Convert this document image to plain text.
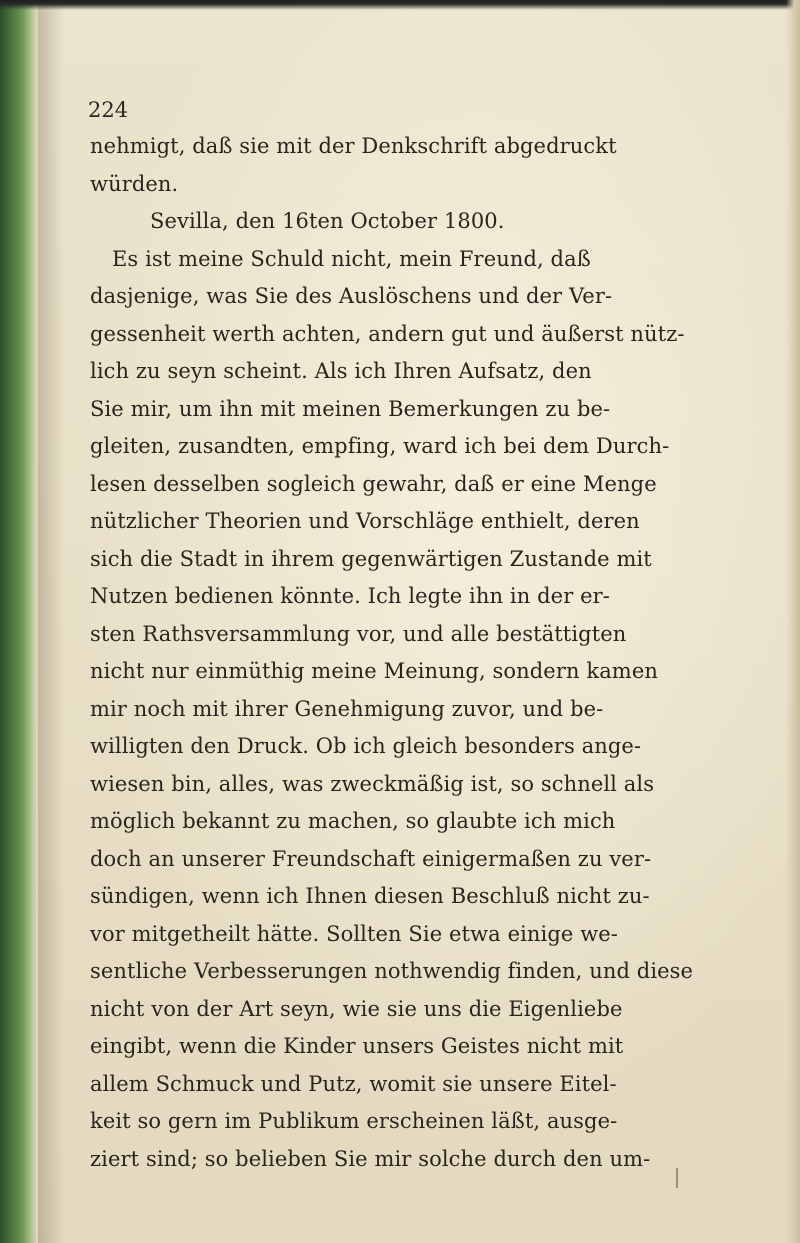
224

nehmigt, daß sie mit der Denkschrift abgedruckt
würden.
Sevilla, den 16ten October 1800.
Es ist meine Schuld nicht, mein Freund, daß
dasjenige, was Sie des Auslöschens und der Ver-
gessenheit werth achten, andern gut und äußerst nütz-
lich zu seyn scheint. Als ich Ihren Aufsatz, den
Sie mir, um ihn mit meinen Bemerkungen zu be-
gleiten, zusandten, empfing, ward ich bei dem Durch-
lesen desselben sogleich gewahr, daß er eine Menge
nützlicher Theorien und Vorschläge enthielt, deren
sich die Stadt in ihrem gegenwärtigen Zustande mit
Nutzen bedienen könnte. Ich legte ihn in der er-
sten Rathsversammlung vor, und alle bestättigten
nicht nur einmüthig meine Meinung, sondern kamen
mir noch mit ihrer Genehmigung zuvor, und be-
willigten den Druck. Ob ich gleich besonders ange-
wiesen bin, alles, was zweckmäßig ist, so schnell als
möglich bekannt zu machen, so glaubte ich mich
doch an unserer Freundschaft einigermaßen zu ver-
sündigen, wenn ich Ihnen diesen Beschluß nicht zu-
vor mitgetheilt hätte. Sollten Sie etwa einige we-
sentliche Verbesserungen nothwendig finden, und diese
nicht von der Art seyn, wie sie uns die Eigenliebe
eingibt, wenn die Kinder unsers Geistes nicht mit
allem Schmuck und Putz, womit sie unsere Eitel-
keit so gern im Publikum erscheinen läßt, ausge-
ziert sind; so belieben Sie mir solche durch den um-
